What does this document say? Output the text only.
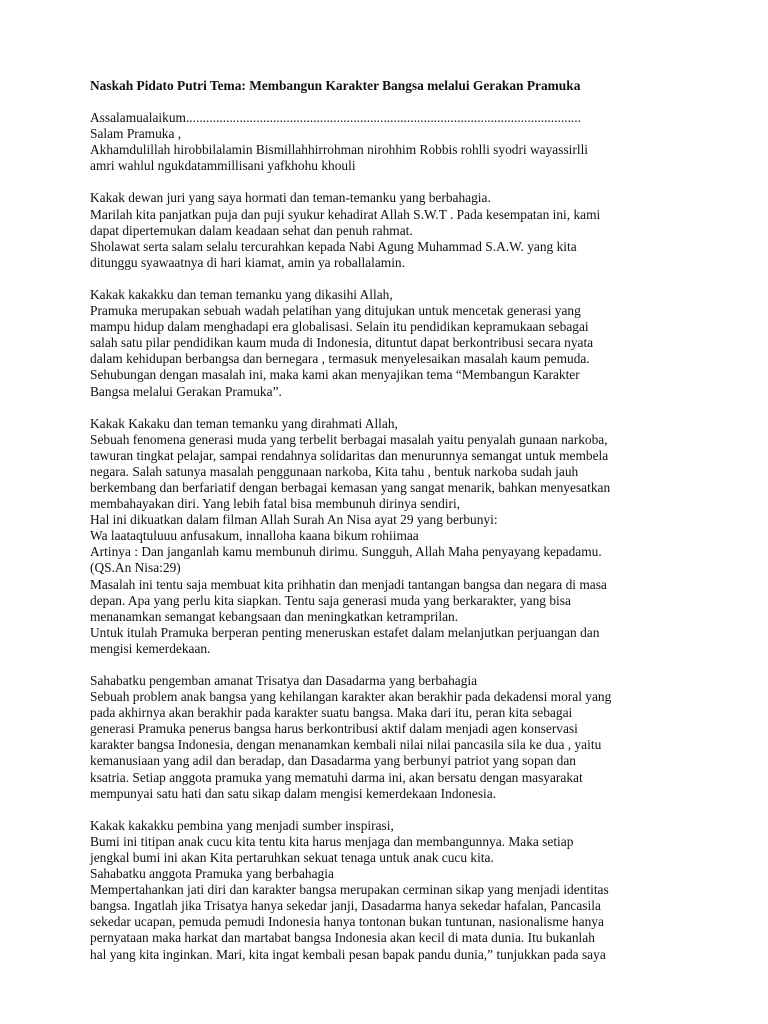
Naskah Pidato Putri Tema: Membangun Karakter Bangsa melalui Gerakan Pramuka
Assalamualaikum......................................................................................................................
Salam Pramuka ,
Akhamdulillah hirobbilalamin Bismillahhirrohman nirohhim Robbis rohlli syodri wayassirlli
amri wahlul ngukdatammillisani yafkhohu khouli
Kakak dewan juri yang saya hormati dan teman-temanku yang berbahagia.
Marilah kita panjatkan puja dan puji syukur kehadirat Allah S.W.T . Pada kesempatan ini, kami
dapat dipertemukan dalam keadaan sehat dan penuh rahmat.
Sholawat serta salam selalu tercurahkan kepada Nabi Agung Muhammad S.A.W. yang kita
ditunggu syawaatnya di hari kiamat, amin ya roballalamin.
Kakak kakakku dan teman temanku yang dikasihi Allah,
Pramuka merupakan sebuah wadah pelatihan yang ditujukan untuk mencetak generasi yang
mampu hidup dalam menghadapi era globalisasi. Selain itu pendidikan kepramukaan sebagai
salah satu pilar pendidikan kaum muda di Indonesia, dituntut dapat berkontribusi secara nyata
dalam kehidupan berbangsa dan bernegara , termasuk menyelesaikan masalah kaum pemuda.
Sehubungan dengan masalah ini, maka kami akan menyajikan tema “Membangun Karakter
Bangsa melalui Gerakan Pramuka”.
Kakak Kakaku dan teman temanku yang dirahmati Allah,
Sebuah fenomena generasi muda yang terbelit berbagai masalah yaitu penyalah gunaan narkoba,
tawuran tingkat pelajar, sampai rendahnya solidaritas dan menurunnya semangat untuk membela
negara. Salah satunya masalah penggunaan narkoba, Kita tahu , bentuk narkoba sudah jauh
berkembang dan berfariatif dengan berbagai kemasan yang sangat menarik, bahkan menyesatkan
membahayakan diri. Yang lebih fatal bisa membunuh dirinya sendiri,
Hal ini dikuatkan dalam filman Allah Surah An Nisa ayat 29 yang berbunyi:
Wa laataqtuluuu anfusakum, innalloha kaana bikum rohiimaa
Artinya : Dan janganlah kamu membunuh dirimu. Sungguh, Allah Maha penyayang kepadamu.
(QS.An Nisa:29)
Masalah ini tentu saja membuat kita prihhatin dan menjadi tantangan bangsa dan negara di masa
depan. Apa yang perlu kita siapkan. Tentu saja generasi muda yang berkarakter, yang bisa
menanamkan semangat kebangsaan dan meningkatkan ketramprilan.
Untuk itulah Pramuka berperan penting meneruskan estafet dalam melanjutkan perjuangan dan
mengisi kemerdekaan.
Sahabatku pengemban amanat Trisatya dan Dasadarma yang berbahagia
Sebuah problem anak bangsa yang kehilangan karakter akan berakhir pada dekadensi moral yang
pada akhirnya akan berakhir pada karakter suatu bangsa. Maka dari itu, peran kita sebagai
generasi Pramuka penerus bangsa harus berkontribusi aktif dalam menjadi agen konservasi
karakter bangsa Indonesia, dengan menanamkan kembali nilai nilai pancasila sila ke dua , yaitu
kemanusiaan yang adil dan beradap, dan Dasadarma yang berbunyi patriot yang sopan dan
ksatria. Setiap anggota pramuka yang mematuhi darma ini, akan bersatu dengan masyarakat
mempunyai satu hati dan satu sikap dalam mengisi kemerdekaan Indonesia.
Kakak kakakku pembina yang menjadi sumber inspirasi,
Bumi ini titipan anak cucu kita tentu kita harus menjaga dan membangunnya. Maka setiap
jengkal bumi ini akan Kita pertaruhkan sekuat tenaga untuk anak cucu kita.
Sahabatku anggota Pramuka yang berbahagia
Mempertahankan jati diri dan karakter bangsa merupakan cerminan sikap yang menjadi identitas
bangsa. Ingatlah jika Trisatya hanya sekedar janji, Dasadarma hanya sekedar hafalan, Pancasila
sekedar ucapan, pemuda pemudi Indonesia hanya tontonan bukan tuntunan, nasionalisme hanya
pernyataan maka harkat dan martabat bangsa Indonesia akan kecil di mata dunia. Itu bukanlah
hal yang kita inginkan. Mari, kita ingat kembali pesan bapak pandu dunia,” tunjukkan pada saya
